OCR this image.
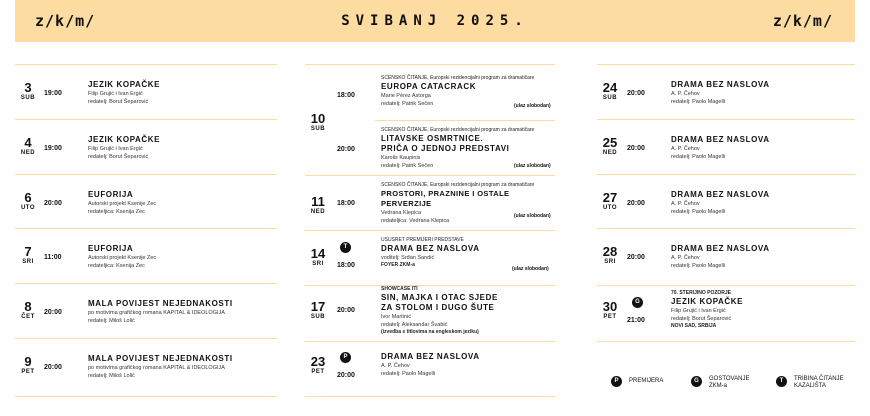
z/k/m/	SVIBANJ 2025.	z/k/m/
3
SUB
19:00
JEZIK KOPAČKE
Filip Grujić i Ivan Ergić
redatelj: Borut Šeparović
4
NED
19:00
JEZIK KOPAČKE
Filip Grujić i Ivan Ergić
redatelj: Borut Šeparović
6
UTO
20:00
EUFORIJA
Autorski projekt Ksenije Zec
redateljica: Ksenija Zec
7
SRI
11:00
EUFORIJA
Autorski projekt Ksenije Zec
redateljica: Ksenija Zec
8
ČET
20:00
MALA POVIJEST NEJEDNAKOSTI
po motivima grafičkog romana KAPITAL & IDEOLOGIJA
redatelj: Miloš Lolić
9
PET
20:00
MALA POVIJEST NEJEDNAKOSTI
po motivima grafičkog romana KAPITAL & IDEOLOGIJA
redatelj: Miloš Lolić
10
SUB
18:00
SCENSKO ČITANJE, Europski rezidencijalni program za dramatičare
EUROPA CATACRACK
Marie Pérez Astorga
redatelj: Patrik Sečen	(ulaz slobodan)
20:00
SCENSKO ČITANJE, Europski rezidencijalni program za dramatičare
LITAVSKE OSMRTNICE.
PRIČA O JEDNOJ PREDSTAVI
Karolis Kaupinis
redatelj: Patrik Sečen	(ulaz slobodan)
11
NED
18:00
SCENSKO ČITANJE, Europski rezidencijalni program za dramatičare
PROSTORI, PRAZNINE I OSTALE PERVERZIJE
Vedrana Klepica
redateljica: Vedrana Klepica
(ulaz slobodan)
T
14
SRI	18:00
USUSRET PREMIJERI PREDSTAVE
DRAMA BEZ NASLOVA
voditelj: Srđan Sandić
FOYER ZKM-a
(ulaz slobodan)
17
SUB
20:00
SHOWCASE ITI
SIN, MAJKA I OTAC SJEDE
ZA STOLOM I DUGO ŠUTE
Ivor Martinić
redatelj: Aleksandar Švabić
(izvedba s titlovima na engleskom jeziku)
P
23
PET	20:00
DRAMA BEZ NASLOVA
A. P. Čehov
redatelj: Paolo Magelli
24
SUB
20:00
DRAMA BEZ NASLOVA
A. P. Čehov
redatelj: Paolo Magelli
25
NED
20:00
DRAMA BEZ NASLOVA
A. P. Čehov
redatelj: Paolo Magelli
27
UTO
20:00
DRAMA BEZ NASLOVA
A. P. Čehov
redatelj: Paolo Magelli
28
SRI
20:00
DRAMA BEZ NASLOVA
A. P. Čehov
redatelj: Paolo Magelli
G
30
PET	21:00
70. STERIJINO POZORJE
JEZIK KOPAČKE
Filip Grujić i Ivan Ergić
redatelj: Borut Šeparović
NOVI SAD, SRBIJA
P	PREMIJERA	G	GOSTOVANJE
ZKM-a
T	TRIBINA ČITANJE
KAZALIŠTA
